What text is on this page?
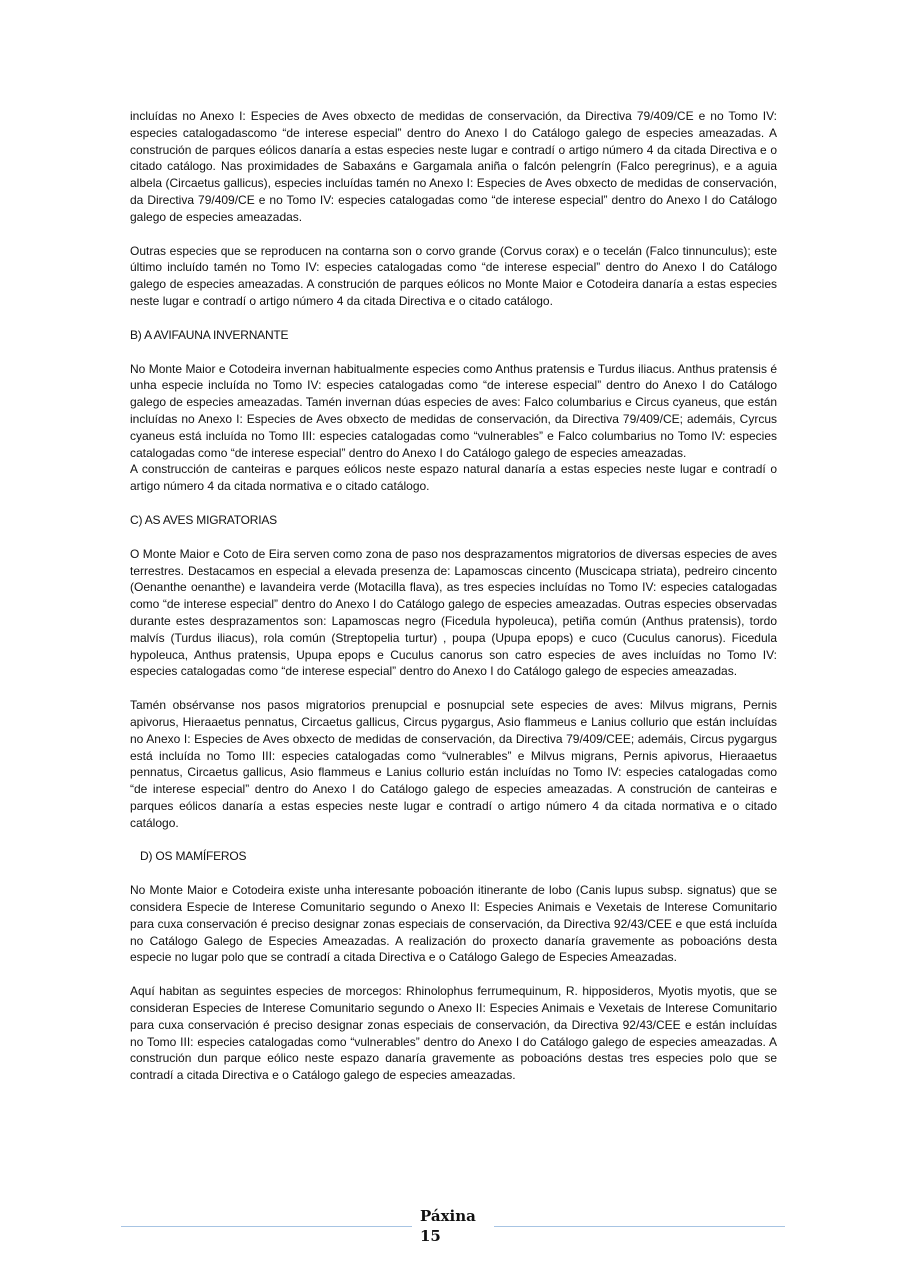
incluídas no Anexo I: Especies de Aves obxecto de medidas de conservación, da Directiva 79/409/CE e no Tomo IV: especies catalogadascomo “de interese especial” dentro do Anexo I do Catálogo galego de especies ameazadas. A construción de parques eólicos danaría a estas especies neste lugar e contradí o artigo número 4 da citada Directiva e o citado catálogo. Nas proximidades de Sabaxáns e Gargamala aniña o falcón pelengrín (Falco peregrinus), e a aguia albela (Circaetus gallicus), especies incluídas tamén no Anexo I: Especies de Aves obxecto de medidas de conservación, da Directiva 79/409/CE e no Tomo IV: especies catalogadas como “de interese especial” dentro do Anexo I do Catálogo galego de especies ameazadas.

Outras especies que se reproducen na contarna son o corvo grande (Corvus corax) e o tecelán (Falco tinnunculus); este último incluído tamén no Tomo IV: especies catalogadas como “de interese especial” dentro do Anexo I do Catálogo galego de especies ameazadas. A construción de parques eólicos no Monte Maior e Cotodeira danaría a estas especies neste lugar e contradí o artigo número 4 da citada Directiva e o citado catálogo.

B) A AVIFAUNA INVERNANTE

No Monte Maior e Cotodeira invernan habitualmente especies como Anthus pratensis e Turdus iliacus. Anthus pratensis é unha especie incluída no Tomo IV: especies catalogadas como “de interese especial” dentro do Anexo I do Catálogo galego de especies ameazadas. Tamén invernan dúas especies de aves: Falco columbarius e Circus cyaneus, que están incluídas no Anexo I: Especies de Aves obxecto de medidas de conservación, da Directiva 79/409/CE; ademáis, Cyrcus cyaneus está incluída no Tomo III: especies catalogadas como “vulnerables” e Falco columbarius no Tomo IV: especies catalogadas como “de interese especial” dentro do Anexo I do Catálogo galego de especies ameazadas.

A construcción de canteiras e parques eólicos neste espazo natural danaría a estas especies neste lugar e contradí o artigo número 4 da citada normativa e o citado catálogo.

C) AS AVES MIGRATORIAS

O Monte Maior e Coto de Eira serven como zona de paso nos desprazamentos migratorios de diversas especies de aves terrestres. Destacamos en especial a elevada presenza de: Lapamoscas cincento (Muscicapa striata), pedreiro cincento (Oenanthe oenanthe) e lavandeira verde (Motacilla flava), as tres especies incluídas no Tomo IV: especies catalogadas como “de interese especial” dentro do Anexo I do Catálogo galego de especies ameazadas. Outras especies observadas durante estes desprazamentos son: Lapamoscas negro (Ficedula hypoleuca), petiña común (Anthus pratensis), tordo malvís (Turdus iliacus), rola común (Streptopelia turtur) , poupa (Upupa epops) e cuco (Cuculus canorus). Ficedula hypoleuca, Anthus pratensis, Upupa epops e Cuculus canorus son catro especies de aves incluídas no Tomo IV: especies catalogadas como “de interese especial” dentro do Anexo I do Catálogo galego de especies ameazadas.

Tamén obsérvanse nos pasos migratorios prenupcial e posnupcial sete especies de aves: Milvus migrans, Pernis apivorus, Hieraaetus pennatus, Circaetus gallicus, Circus pygargus, Asio flammeus e Lanius collurio que están incluídas no Anexo I: Especies de Aves obxecto de medidas de conservación, da Directiva 79/409/CEE; ademáis, Circus pygargus está incluída no Tomo III: especies catalogadas como “vulnerables” e Milvus migrans, Pernis apivorus, Hieraaetus pennatus, Circaetus gallicus, Asio flammeus e Lanius collurio están incluídas no Tomo IV: especies catalogadas como “de interese especial” dentro do Anexo I do Catálogo galego de especies ameazadas. A construción de canteiras e parques eólicos danaría a estas especies neste lugar e contradí o artigo número 4 da citada normativa e o citado catálogo.

D) OS MAMÍFEROS

No Monte Maior e Cotodeira existe unha interesante poboación itinerante de lobo (Canis lupus subsp. signatus) que se considera Especie de Interese Comunitario segundo o Anexo II: Especies Animais e Vexetais de Interese Comunitario para cuxa conservación é preciso designar zonas especiais de conservación, da Directiva 92/43/CEE e que está incluída no Catálogo Galego de Especies Ameazadas. A realización do proxecto danaría gravemente as poboacións desta especie no lugar polo que se contradí a citada Directiva e o Catálogo Galego de Especies Ameazadas.

Aquí habitan as seguintes especies de morcegos: Rhinolophus ferrumequinum, R. hipposideros, Myotis myotis, que se consideran Especies de Interese Comunitario segundo o Anexo II: Especies Animais e Vexetais de Interese Comunitario para cuxa conservación é preciso designar zonas especiais de conservación, da Directiva 92/43/CEE e están incluídas no Tomo III: especies catalogadas como “vulnerables” dentro do Anexo I do Catálogo galego de especies ameazadas. A construción dun parque eólico neste espazo danaría gravemente as poboacións destas tres especies polo que se contradí a citada Directiva e o Catálogo galego de especies ameazadas.

Páxina
15
